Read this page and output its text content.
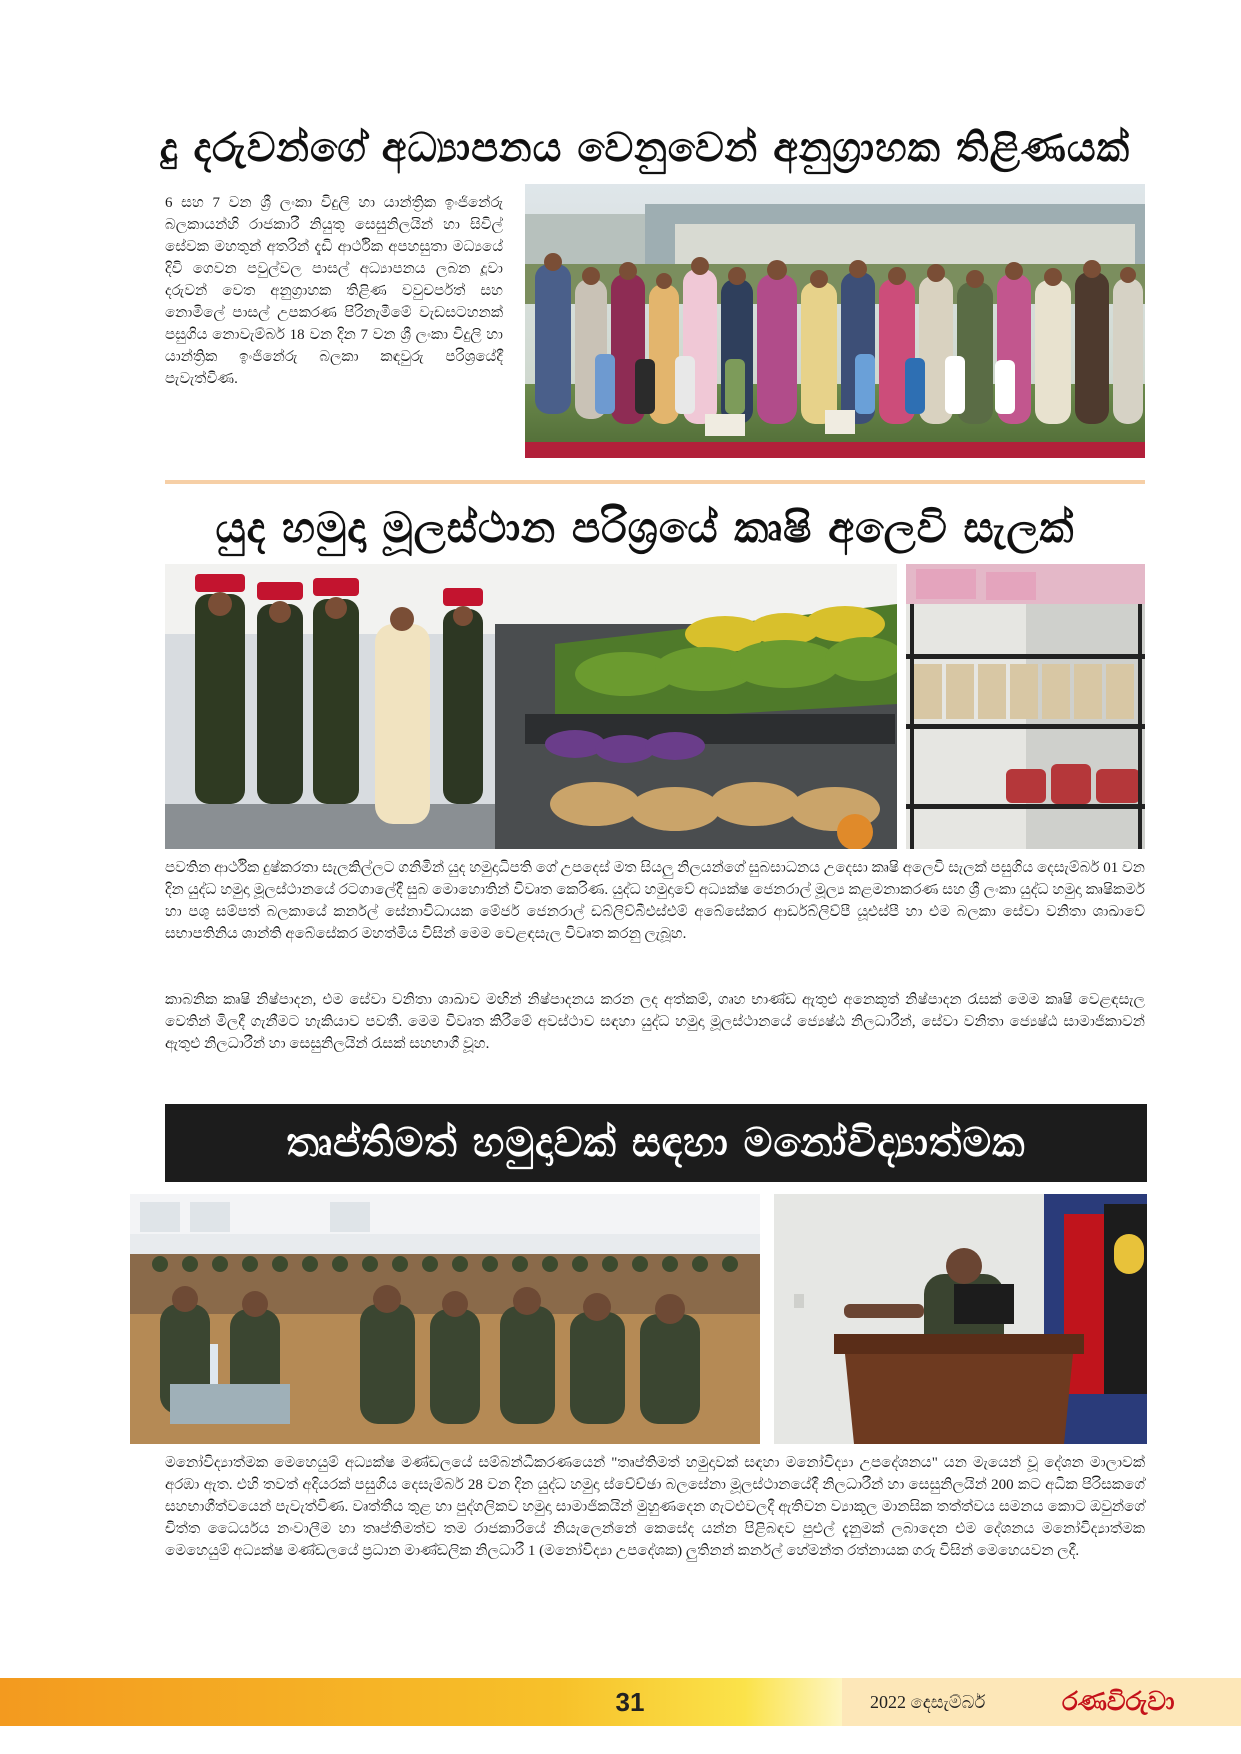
දු දරුවන්ගේ අධ්‍යාපනය වෙනුවෙන් අනුග්‍රාහක තිළිණයක්
6 සහ 7 වන ශ්‍රී ලංකා විදුලි හා යාන්ත්‍රික ඉංජිනේරු බලකායන්හි රාජකාරී නියුතු සෙසුනිලයින් හා සිවිල් සේවක මහතුන් අතරින් දැඩි ආර්ථික අපහසුතා මධ්‍යයේ දිවි ගෙවන පවුල්වල පාසල් අධ්‍යාපනය ලබන දූවා දරුවන් වෙත අනුග්‍රාහක තිළිණ වවුචර්පත් සහ නොමිලේ පාසල් උපකරණ පිරිනැමීමේ වැඩසටහනක් පසුගිය නොවැම්බර් 18 වන දින 7 වන ශ්‍රී ලංකා විදුලි හා යාන්ත්‍රික ඉංජිනේරු බලකා කඳවුරු පරිශ්‍රයේදී පැවැත්විණ.
යුද හමුදා මූලස්ථාන පරිශ්‍රයේ කෘෂි අලෙවි සැලක්
පවතින ආර්ථික දුෂ්කරතා සැලකිල්ලට ගනිමින් යුද හමුදාධිපති ගේ උපදෙස් මත සියලු නිලයන්ගේ සුබසාධනය උදෙසා කෘෂි අලෙවි සැලක් පසුගිය දෙසැම්බර් 01 වන දින යුද්ධ හමුදා මූලස්ථානයේ රටගාලේදී සුබ මොහොතින් විවෘත කෙරිණ. යුද්ධ හමුදාවේ අධ්‍යක්ෂ ජෙනරාල් මූල්‍ය කළමනාකරණ සහ ශ්‍රී ලංකා යුද්ධ හමුදා කෘෂිකර්ම හා පශු සම්පත් බලකායේ කර්නල් සේනාවිධායක මේජර් ජෙනරාල් ඩබ්ලිව්බීඑස්එම් අබේසේකර ආර්ඩබ්ලිව්පී යූඑස්පී හා එම බලකා සේවා වනිතා ශාඛාවේ සභාපතිනිය ශාන්ති අබේසේකර මහත්මිය විසින් මෙම වෙළඳසැල විවෘත කරනු ලැබූහ.
කාබනික කෘෂි නිෂ්පාදන, එම සේවා වනිතා ශාඛාව මඟින් නිෂ්පාදනය කරන ලද අත්කම්, ගෘහ භාණ්ඩ ඇතුළු අනෙකුත් නිෂ්පාදන රැසක් මෙම කෘෂි වෙළඳසැල වෙතින් මිලදී ගැනීමට හැකියාව පවතී. මෙම විවෘත කිරීමේ අවස්ථාව සඳහා යුද්ධ හමුදා මූලස්ථානයේ ජ්‍යෙෂ්ඨ නිලධාරීන්, සේවා වනිතා ජ්‍යෙෂ්ඨ සාමාජිකාවන් ඇතුළු නිලධාරීන් හා සෙසුනිලයින් රැසක් සහභාගී වූහ.
තෘප්තිමත් හමුදාවක් සඳහා මනෝවිද්‍යාත්මක
මනෝවිද්‍යාත්මක මෙහෙයුම් අධ්‍යක්ෂ මණ්ඩලයේ සම්බන්ධීකරණයෙන් "තෘප්තිමත් හමුදාවක් සඳහා මනෝවිද්‍යා උපදේශනය" යන මැයෙන් වූ දේශන මාලාවක් අරඹා ඇත. එහි තවත් අදියරක් පසුගිය දෙසැම්බර් 28 වන දින යුද්ධ හමුදා ස්වේච්ඡා බලසේනා මූලස්ථානයේදී නිලධාරීන් හා සෙසුනිලයින් 200 කට අධික පිරිසකගේ සහභාගීත්වයෙන් පැවැත්විණ. වෘත්තීය තුළ හා පුද්ගලිකව හමුදා සාමාජිකයින් මුහුණදෙන ගැටළුවලදී ඇතිවන ව්‍යාකූල මානසික තත්ත්වය සමනය කොට ඔවුන්ගේ චිත්ත ධෛර්යය නංවාලීම හා තෘප්තිමත්ව තම රාජකාරියේ නියැලෙන්නේ කෙසේද යන්න පිළිබඳව පුළුල් දැනුමක් ලබාදෙන එම දේශනය මනෝවිද්‍යාත්මක මෙහෙයුම් අධ්‍යක්ෂ මණ්ඩලයේ ප්‍රධාන මාණ්ඩලික නිලධාරී 1 (මනෝවිද්‍යා උපදේශක) ලුතිනන් කර්නල් හේමන්ත රත්නායක ගරු විසින් මෙහෙයවන ලදී.
31	2022 දෙසැම්බර්	රණවිරුවා
